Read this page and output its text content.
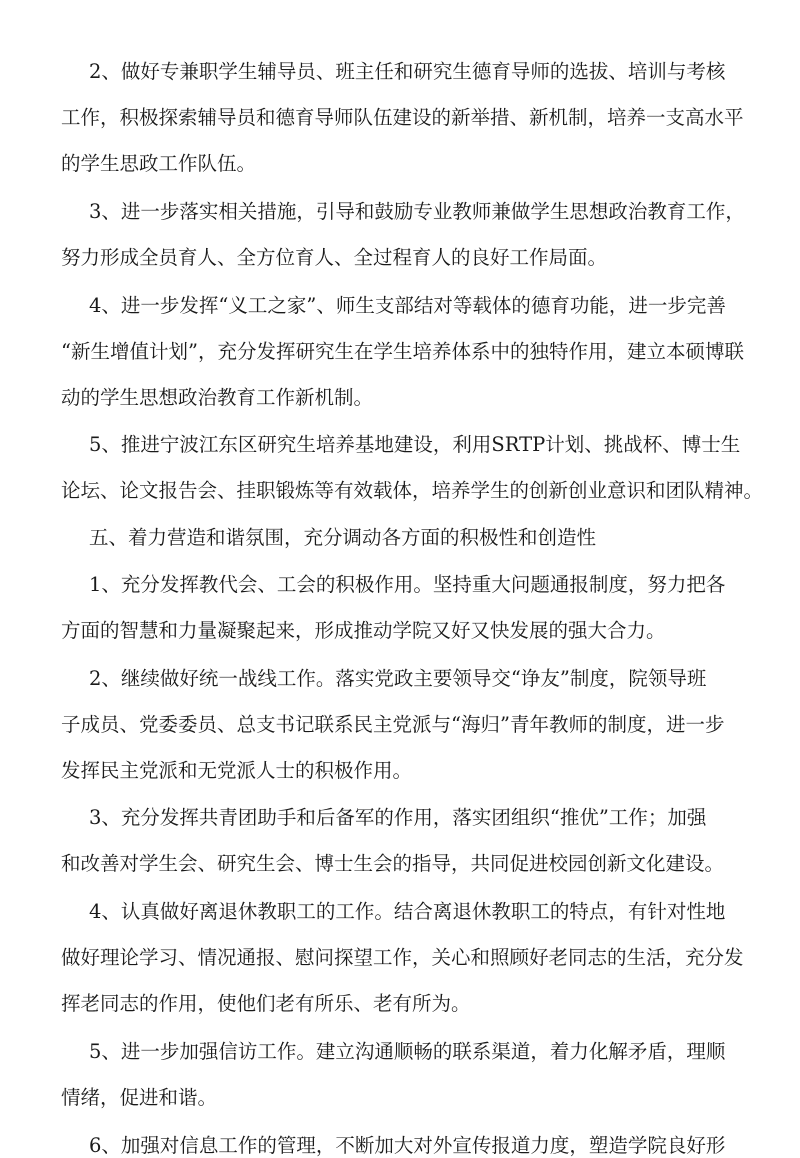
2、做好专兼职学生辅导员、班主任和研究生德育导师的选拔、培训与考核
工作，积极探索辅导员和德育导师队伍建设的新举措、新机制，培养一支高水平
的学生思政工作队伍。
3、进一步落实相关措施，引导和鼓励专业教师兼做学生思想政治教育工作，
努力形成全员育人、全方位育人、全过程育人的良好工作局面。
4、进一步发挥“义工之家”、师生支部结对等载体的德育功能，进一步完善
“新生增值计划”，充分发挥研究生在学生培养体系中的独特作用，建立本硕博联
动的学生思想政治教育工作新机制。
5、推进宁波江东区研究生培养基地建设，利用SRTP计划、挑战杯、博士生
论坛、论文报告会、挂职锻炼等有效载体，培养学生的创新创业意识和团队精神。
五、着力营造和谐氛围，充分调动各方面的积极性和创造性
1、充分发挥教代会、工会的积极作用。坚持重大问题通报制度，努力把各
方面的智慧和力量凝聚起来，形成推动学院又好又快发展的强大合力。
2、继续做好统一战线工作。落实党政主要领导交“诤友”制度，院领导班
子成员、党委委员、总支书记联系民主党派与“海归”青年教师的制度，进一步
发挥民主党派和无党派人士的积极作用。
3、充分发挥共青团助手和后备军的作用，落实团组织“推优”工作；加强
和改善对学生会、研究生会、博士生会的指导，共同促进校园创新文化建设。
4、认真做好离退休教职工的工作。结合离退休教职工的特点，有针对性地
做好理论学习、情况通报、慰问探望工作，关心和照顾好老同志的生活，充分发
挥老同志的作用，使他们老有所乐、老有所为。
5、进一步加强信访工作。建立沟通顺畅的联系渠道，着力化解矛盾，理顺
情绪，促进和谐。
6、加强对信息工作的管理，不断加大对外宣传报道力度，塑造学院良好形
